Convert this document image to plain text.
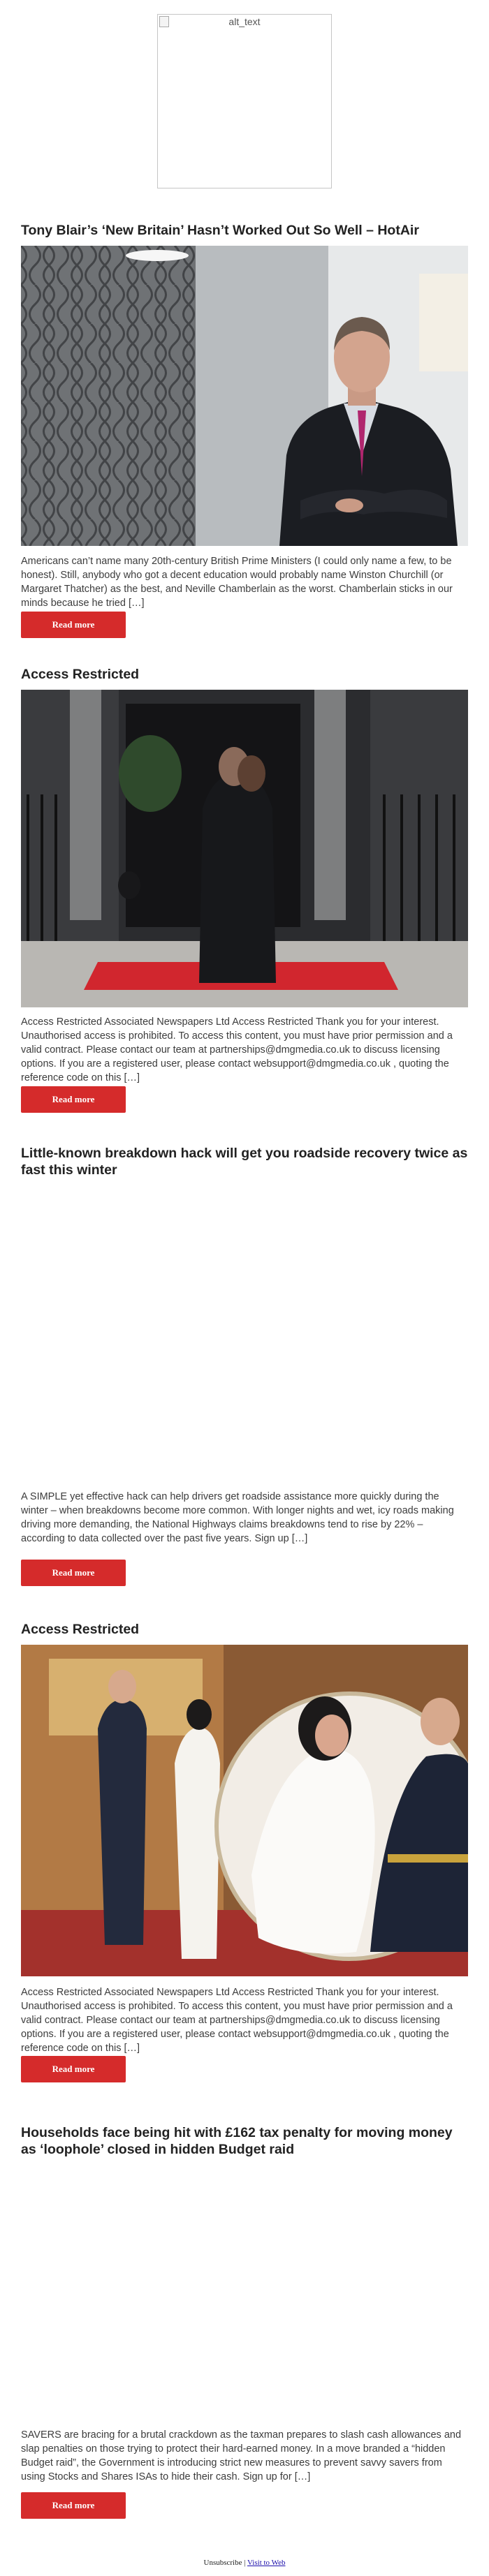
alt_text
Tony Blair’s ‘New Britain’ Hasn’t Worked Out So Well – HotAir

Americans can’t name many 20th-century British Prime Ministers (I could only name a few, to be honest). Still, anybody who got a decent education would probably name Winston Churchill (or Margaret Thatcher) as the best, and Neville Chamberlain as the worst. Chamberlain sticks in our minds because he tried […]

Read more
Access Restricted

Access Restricted Associated Newspapers Ltd Access Restricted Thank you for your interest. Unauthorised access is prohibited. To access this content, you must have prior permission and a valid contract. Please contact our team at partnerships@dmgmedia.co.uk to discuss licensing options. If you are a registered user, please contact websupport@dmgmedia.co.uk , quoting the reference code on this […]

Read more
Little-known breakdown hack will get you roadside recovery twice as fast this winter

A SIMPLE yet effective hack can help drivers get roadside assistance more quickly during the winter – when breakdowns become more common. With longer nights and wet, icy roads making driving more demanding, the National Highways claims breakdowns tend to rise by 22% – according to data collected over the past five years. Sign up […]

Read more
Access Restricted

Access Restricted Associated Newspapers Ltd Access Restricted Thank you for your interest. Unauthorised access is prohibited. To access this content, you must have prior permission and a valid contract. Please contact our team at partnerships@dmgmedia.co.uk to discuss licensing options. If you are a registered user, please contact websupport@dmgmedia.co.uk , quoting the reference code on this […]

Read more
Households face being hit with £162 tax penalty for moving money as ‘loophole’ closed in hidden Budget raid

SAVERS are bracing for a brutal crackdown as the taxman prepares to slash cash allowances and slap penalties on those trying to protect their hard-earned money. In a move branded a “hidden Budget raid”, the Government is introducing strict new measures to prevent savvy savers from using Stocks and Shares ISAs to hide their cash. Sign up for […]

Read more
Unsubscribe | Visit to Web
